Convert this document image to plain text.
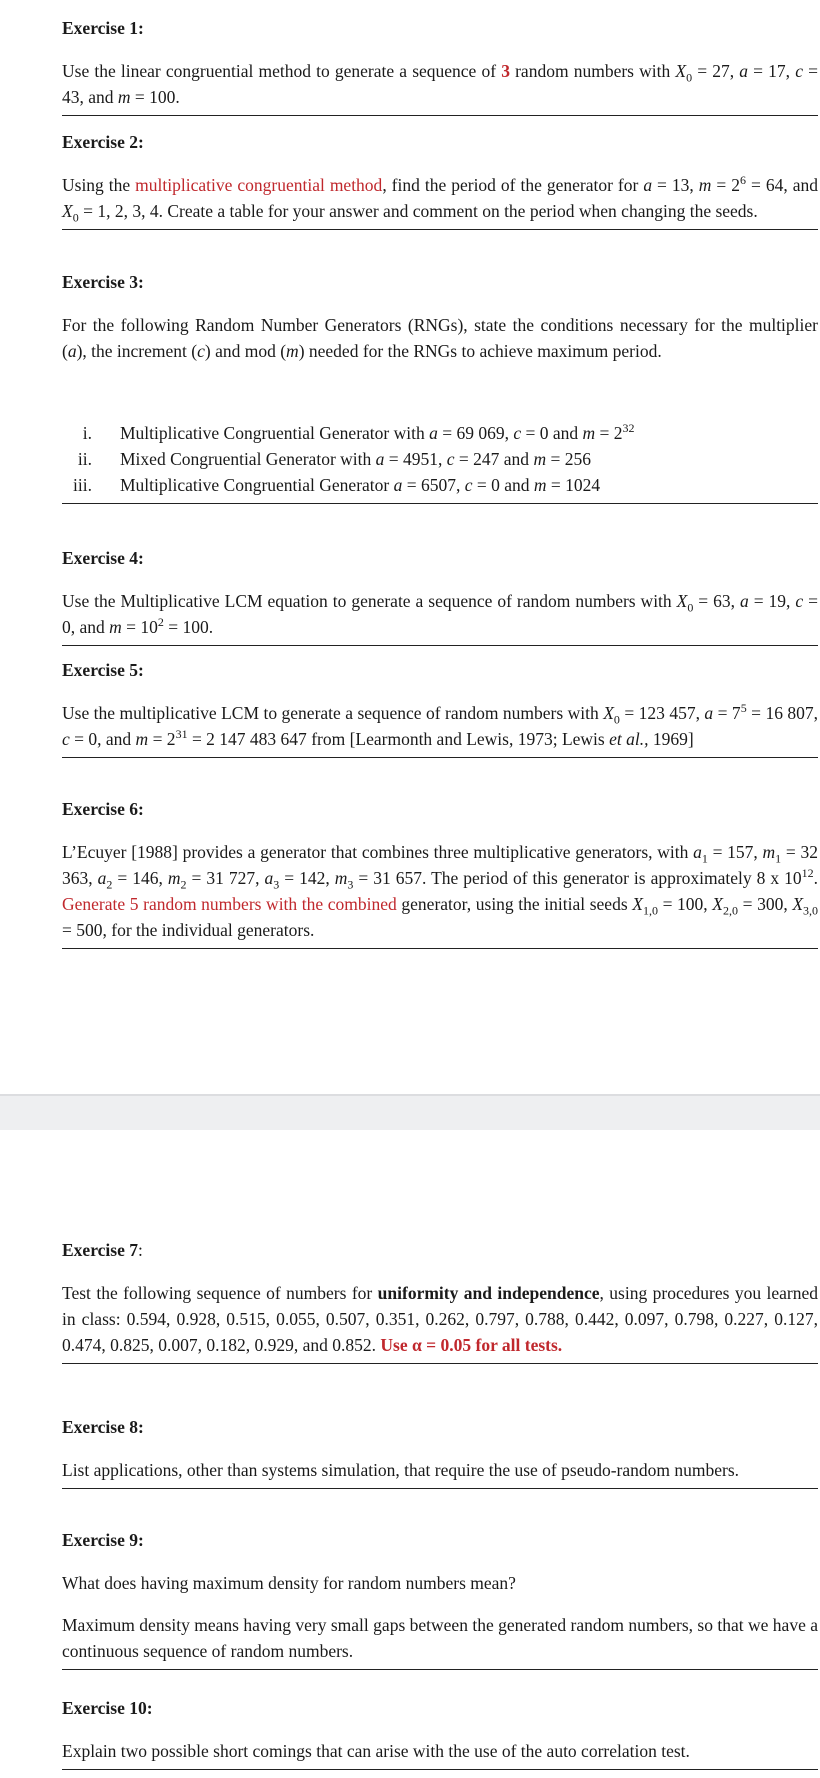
Exercise 1:

Use the linear congruential method to generate a sequence of 3 random numbers with $X_0 = 27$, a = 17, c = 43, and m = 100.

Exercise 2:

Using the multiplicative congruential method, find the period of the generator for a = 13, $m = 2^6 = 64$, and $X_0 = 1$, 2, 3, 4. Create a table for your answer and comment on the period when changing the seeds.

Exercise 3:

For the following Random Number Generators (RNGs), state the conditions necessary for the multiplier (a), the increment (c) and mod (m) needed for the RNGs to achieve maximum period.

i. Multiplicative Congruential Generator with a = 69 069, c = 0 and $m = 2^{32}$
ii. Mixed Congruential Generator with a = 4951, c = 247 and m = 256
iii. Multiplicative Congruential Generator a = 6507, c = 0 and m = 1024
Exercise 4:

Use the Multiplicative LCM equation to generate a sequence of random numbers with $X_0 = 63$, a = 19, c = 0, and $m = 10^2 = 100$.

Exercise 5:

Use the multiplicative LCM to generate a sequence of random numbers with $X_0 = 123$ 457, $a = 7^5 = 16$ 807, c = 0, and $m = 2^{31} = 2$ 147 483 647 from [Learmonth and Lewis, 1973; Lewis et al., 1969]

Exercise 6:

L’Ecuyer [1988] provides a generator that combines three multiplicative generators, with $a_1 = 157$, $m_1 = 32$ 363, $a_2 = 146$, $m_2 = 31$ 727, $a_3 = 142$, $m_3 = 31$ 657. The period of this generator is approximately 8 x $10^{12}$. Generate 5 random numbers with the combined generator, using the initial seeds $X_{1,0} = 100$, $X_{2,0} = 300$, $X_{3,0} = 500$, for the individual generators.

Exercise 7:

Test the following sequence of numbers for uniformity and independence, using procedures you learned in class: 0.594, 0.928, 0.515, 0.055, 0.507, 0.351, 0.262, 0.797, 0.788, 0.442, 0.097, 0.798, 0.227, 0.127, 0.474, 0.825, 0.007, 0.182, 0.929, and 0.852. Use α = 0.05 for all tests.

Exercise 8:

List applications, other than systems simulation, that require the use of pseudo-random numbers.

Exercise 9:

What does having maximum density for random numbers mean?

Maximum density means having very small gaps between the generated random numbers, so that we have a continuous sequence of random numbers.

Exercise 10:

Explain two possible short comings that can arise with the use of the auto correlation test.
